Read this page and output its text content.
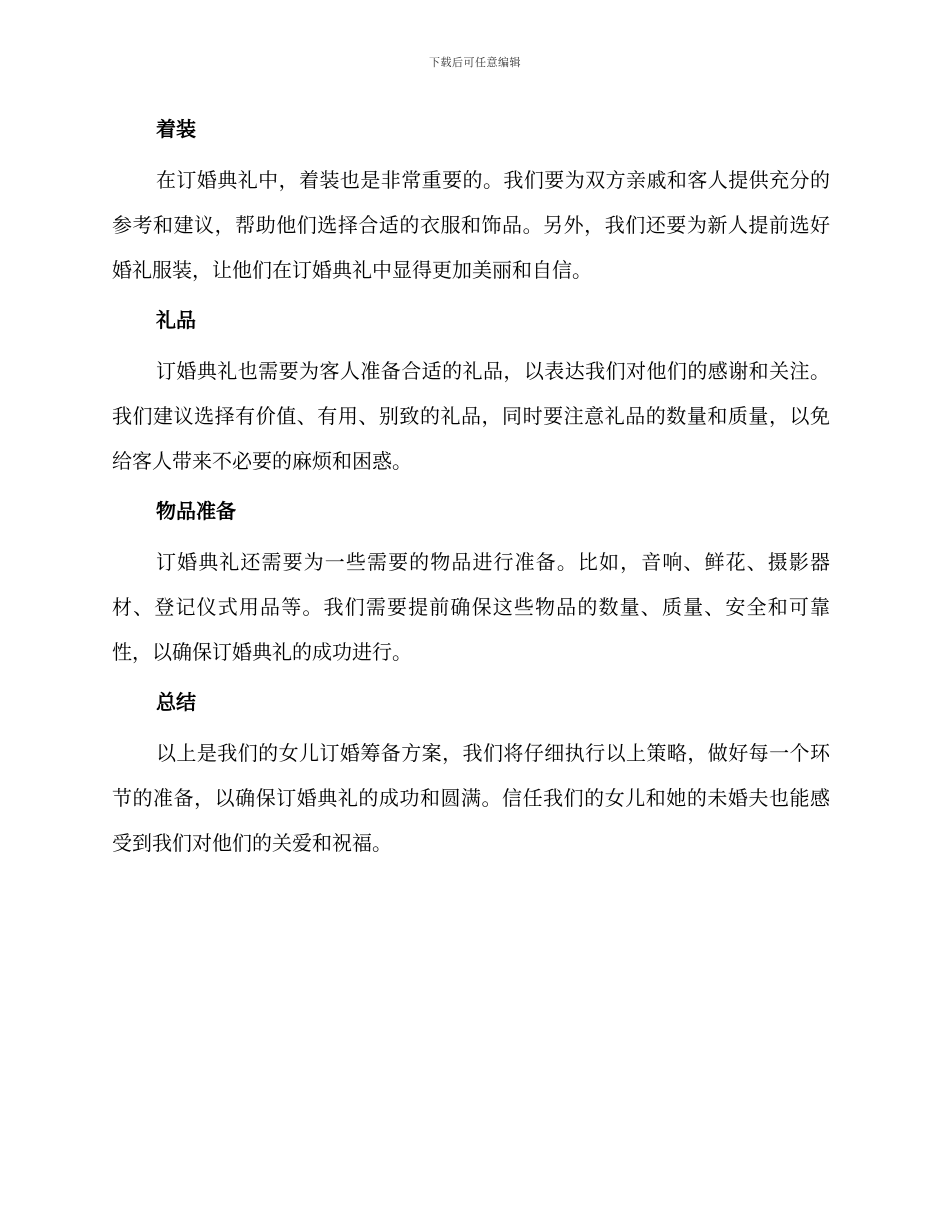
下载后可任意编辑
着装

在订婚典礼中，着装也是非常重要的。我们要为双方亲戚和客人提供充分的参考和建议，帮助他们选择合适的衣服和饰品。另外，我们还要为新人提前选好婚礼服装，让他们在订婚典礼中显得更加美丽和自信。

礼品

订婚典礼也需要为客人准备合适的礼品，以表达我们对他们的感谢和关注。我们建议选择有价值、有用、别致的礼品，同时要注意礼品的数量和质量，以免给客人带来不必要的麻烦和困惑。

物品准备

订婚典礼还需要为一些需要的物品进行准备。比如，音响、鲜花、摄影器材、登记仪式用品等。我们需要提前确保这些物品的数量、质量、安全和可靠性，以确保订婚典礼的成功进行。

总结

以上是我们的女儿订婚筹备方案，我们将仔细执行以上策略，做好每一个环节的准备，以确保订婚典礼的成功和圆满。信任我们的女儿和她的未婚夫也能感受到我们对他们的关爱和祝福。
